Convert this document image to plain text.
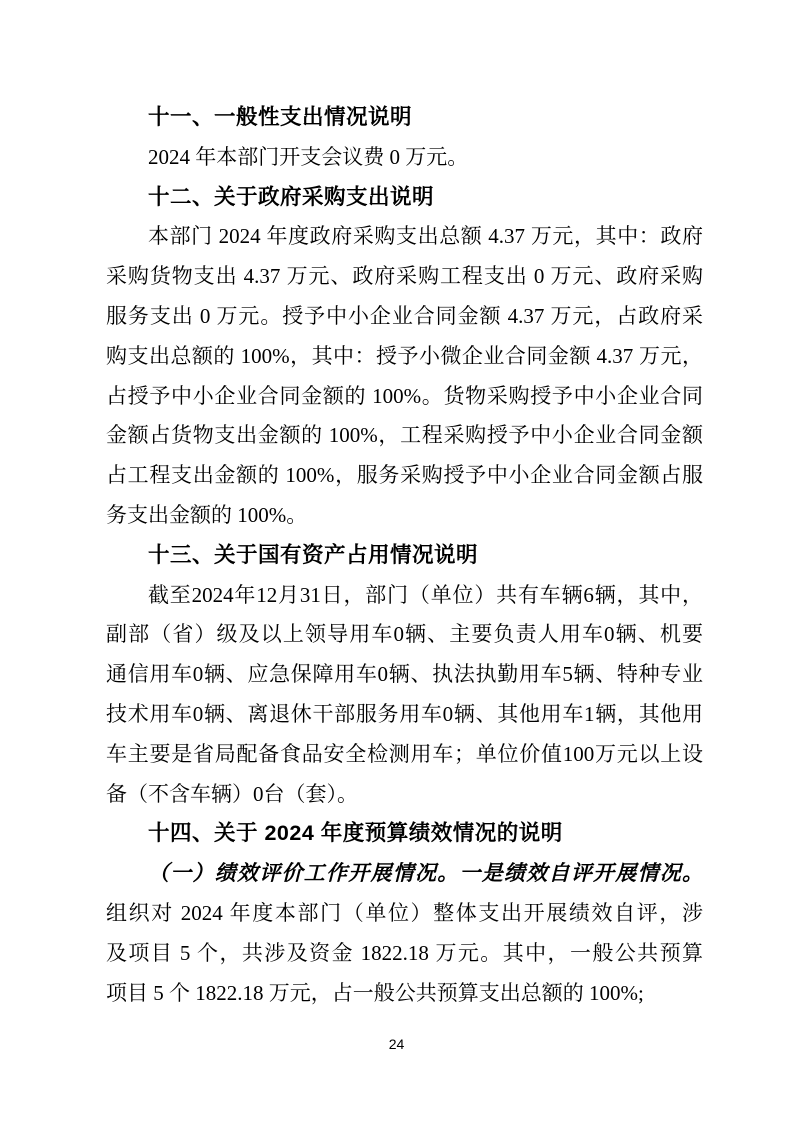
十一、一般性支出情况说明
2024 年本部门开支会议费 0 万元。
十二、关于政府采购支出说明
本部门 2024 年度政府采购支出总额 4.37 万元，其中：政府
采购货物支出 4.37 万元、政府采购工程支出 0 万元、政府采购
服务支出 0 万元。授予中小企业合同金额 4.37 万元，占政府采
购支出总额的 100%，其中：授予小微企业合同金额 4.37 万元，
占授予中小企业合同金额的 100%。货物采购授予中小企业合同
金额占货物支出金额的 100%，工程采购授予中小企业合同金额
占工程支出金额的 100%，服务采购授予中小企业合同金额占服
务支出金额的 100%。
十三、关于国有资产占用情况说明
截至2024年12月31日，部门（单位）共有车辆6辆，其中，
副部（省）级及以上领导用车0辆、主要负责人用车0辆、机要
通信用车0辆、应急保障用车0辆、执法执勤用车5辆、特种专业
技术用车0辆、离退休干部服务用车0辆、其他用车1辆，其他用
车主要是省局配备食品安全检测用车；单位价值100万元以上设
备（不含车辆）0台（套）。
十四、关于 2024 年度预算绩效情况的说明
（一）绩效评价工作开展情况。一是绩效自评开展情况。
组织对 2024 年度本部门（单位）整体支出开展绩效自评，涉
及项目 5 个，共涉及资金 1822.18 万元。其中，一般公共预算
项目 5 个 1822.18 万元，占一般公共预算支出总额的 100%;
24
